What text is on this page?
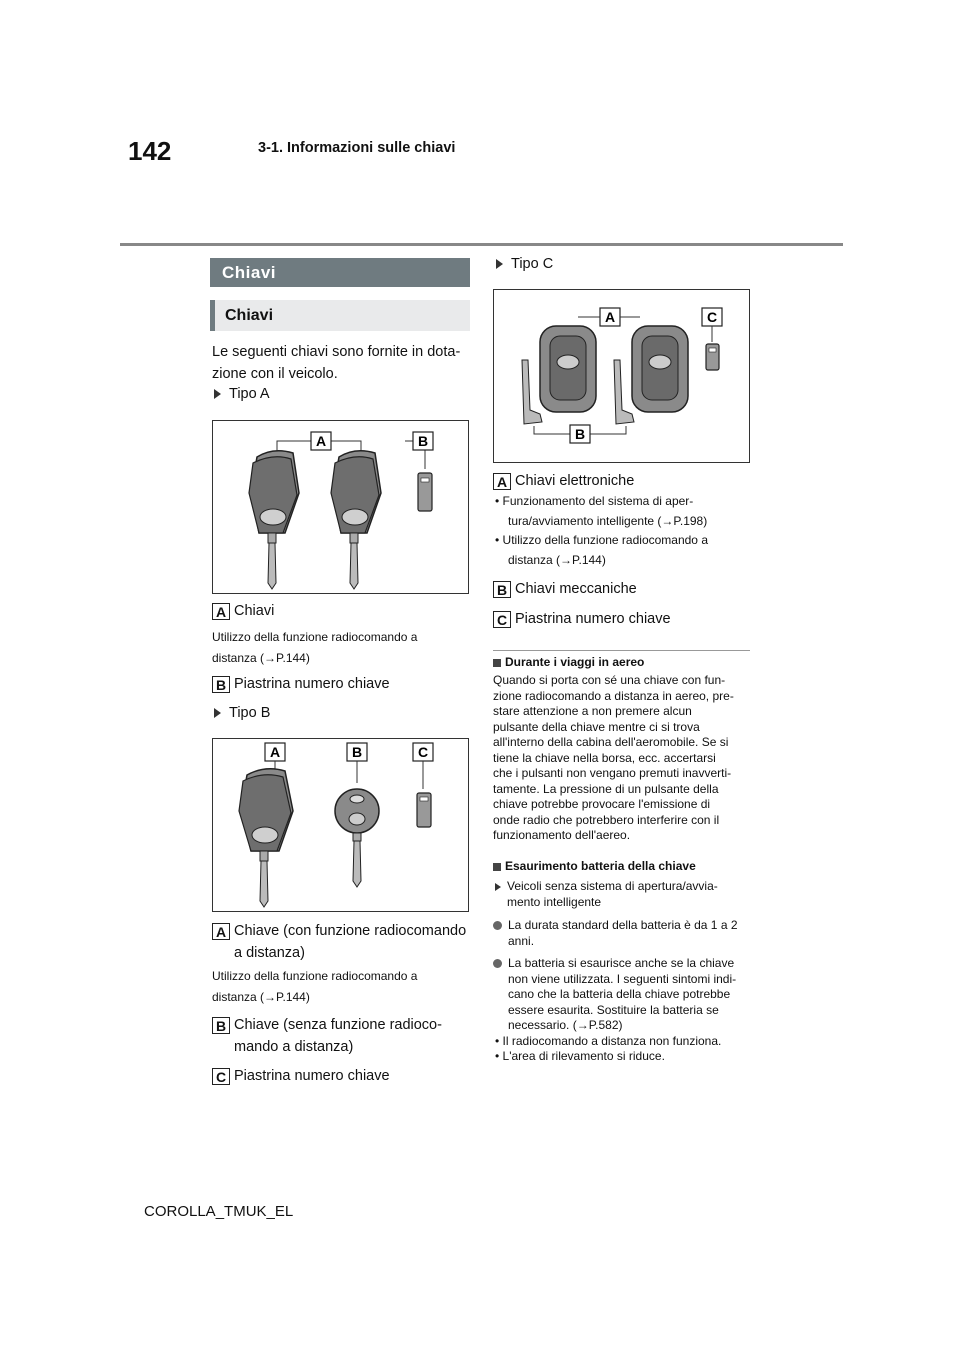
142	3-1. Informazioni sulle chiavi
Chiavi
Chiavi
Le seguenti chiavi sono fornite in dota-
zione con il veicolo.
Tipo A
A	B
A Chiavi
Utilizzo della funzione radiocomando a
distanza (→P.144)
B Piastrina numero chiave
Tipo B
A	B	C
A Chiave (con funzione radiocomando
a distanza)
Utilizzo della funzione radiocomando a
distanza (→P.144)
B Chiave (senza funzione radioco-
mando a distanza)
C Piastrina numero chiave
Tipo C
A	C
B
A Chiavi elettroniche
• Funzionamento del sistema di aper-
tura/avviamento intelligente (→P.198)
• Utilizzo della funzione radiocomando a
distanza (→P.144)
B Chiavi meccaniche
C Piastrina numero chiave
Durante i viaggi in aereo
Quando si porta con sé una chiave con fun-
zione radiocomando a distanza in aereo, pre-
stare attenzione a non premere alcun
pulsante della chiave mentre ci si trova
all'interno della cabina dell'aeromobile. Se si
tiene la chiave nella borsa, ecc. accertarsi
che i pulsanti non vengano premuti inavverti-
tamente. La pressione di un pulsante della
chiave potrebbe provocare l'emissione di
onde radio che potrebbero interferire con il
funzionamento dell'aereo.
Esaurimento batteria della chiave
Veicoli senza sistema di apertura/avvia-
mento intelligente
La durata standard della batteria è da 1 a 2
anni.
La batteria si esaurisce anche se la chiave
non viene utilizzata. I seguenti sintomi indi-
cano che la batteria della chiave potrebbe
essere esaurita. Sostituire la batteria se
necessario. (→P.582)
• Il radiocomando a distanza non funziona.
• L'area di rilevamento si riduce.
COROLLA_TMUK_EL
